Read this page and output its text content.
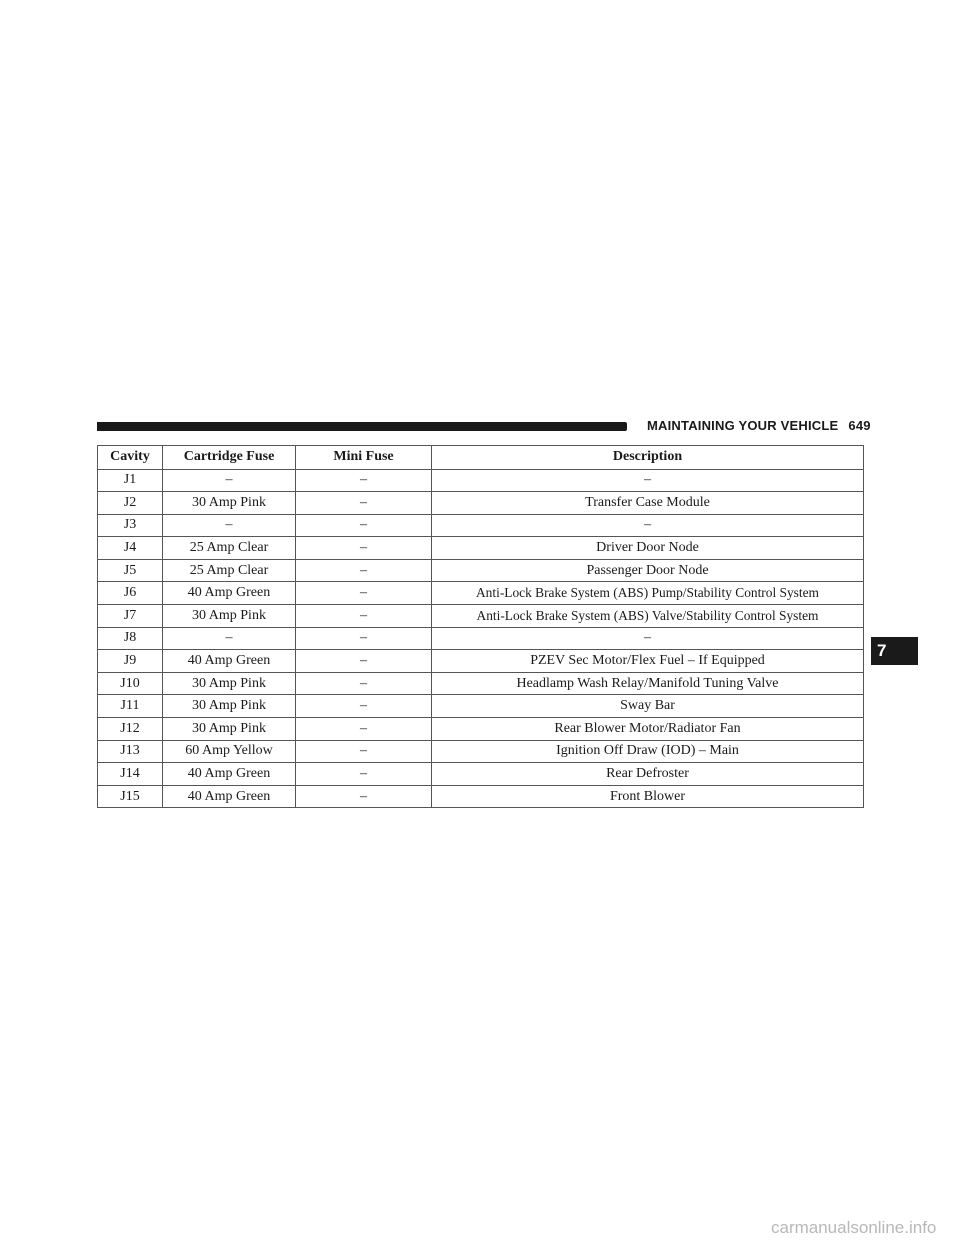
MAINTAINING YOUR VEHICLE 649
Cavity	Cartridge Fuse	Mini Fuse	Description
J1	–	–	–
J2	30 Amp Pink	–	Transfer Case Module
J3	–	–	–
J4	25 Amp Clear	–	Driver Door Node
J5	25 Amp Clear	–	Passenger Door Node
J6	40 Amp Green	–	Anti-Lock Brake System (ABS) Pump/Stability Control System
J7	30 Amp Pink	–	Anti-Lock Brake System (ABS) Valve/Stability Control System
J8	–	–	–
J9	40 Amp Green	–	PZEV Sec Motor/Flex Fuel – If Equipped
J10	30 Amp Pink	–	Headlamp Wash Relay/Manifold Tuning Valve
J11	30 Amp Pink	–	Sway Bar
J12	30 Amp Pink	–	Rear Blower Motor/Radiator Fan
J13	60 Amp Yellow	–	Ignition Off Draw (IOD) – Main
J14	40 Amp Green	–	Rear Defroster
J15	40 Amp Green	–	Front Blower
7
carmanualsonline.info
